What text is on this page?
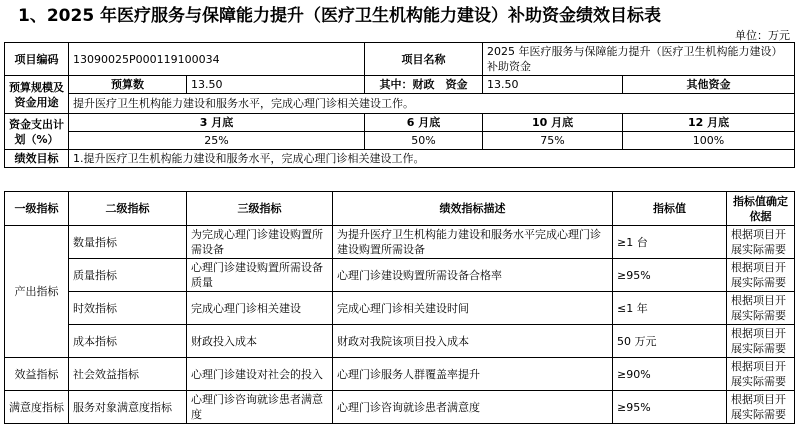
1、2025 年医疗服务与保障能力提升（医疗卫生机构能力建设）补助资金绩效目标表
单位：万元
项目编码	13090025P000119100034		项目名称	2025 年医疗服务与保障能力提升（医疗卫生机构能力建设）补助资金	
预算规模及资金用途	预算数	13.50	其中：财政　资金	13.50	其他资金
	提升医疗卫生机构能力建设和服务水平，完成心理门诊相关建设工作。				
资金支出计划（%）	3 月底		6 月底	10 月底	12 月底
	25%		50%	75%	100%
绩效目标	1.提升医疗卫生机构能力建设和服务水平，完成心理门诊相关建设工作。				
一级指标	二级指标	三级指标	绩效指标描述	指标值	指标值确定依据
产出指标	数量指标	为完成心理门诊建设购置所需设备	为提升医疗卫生机构能力建设和服务水平完成心理门诊建设购置所需设备	≥1 台	根据项目开展实际需要
	质量指标	心理门诊建设购置所需设备质量	心理门诊建设购置所需设备合格率	≥95%	根据项目开展实际需要
	时效指标	完成心理门诊相关建设	完成心理门诊相关建设时间	≤1 年	根据项目开展实际需要
	成本指标	财政投入成本	财政对我院该项目投入成本	50 万元	根据项目开展实际需要
效益指标	社会效益指标	心理门诊建设对社会的投入	心理门诊服务人群覆盖率提升	≥90%	根据项目开展实际需要
满意度指标	服务对象满意度指标	心理门诊咨询就诊患者满意度	心理门诊咨询就诊患者满意度	≥95%	根据项目开展实际需要
